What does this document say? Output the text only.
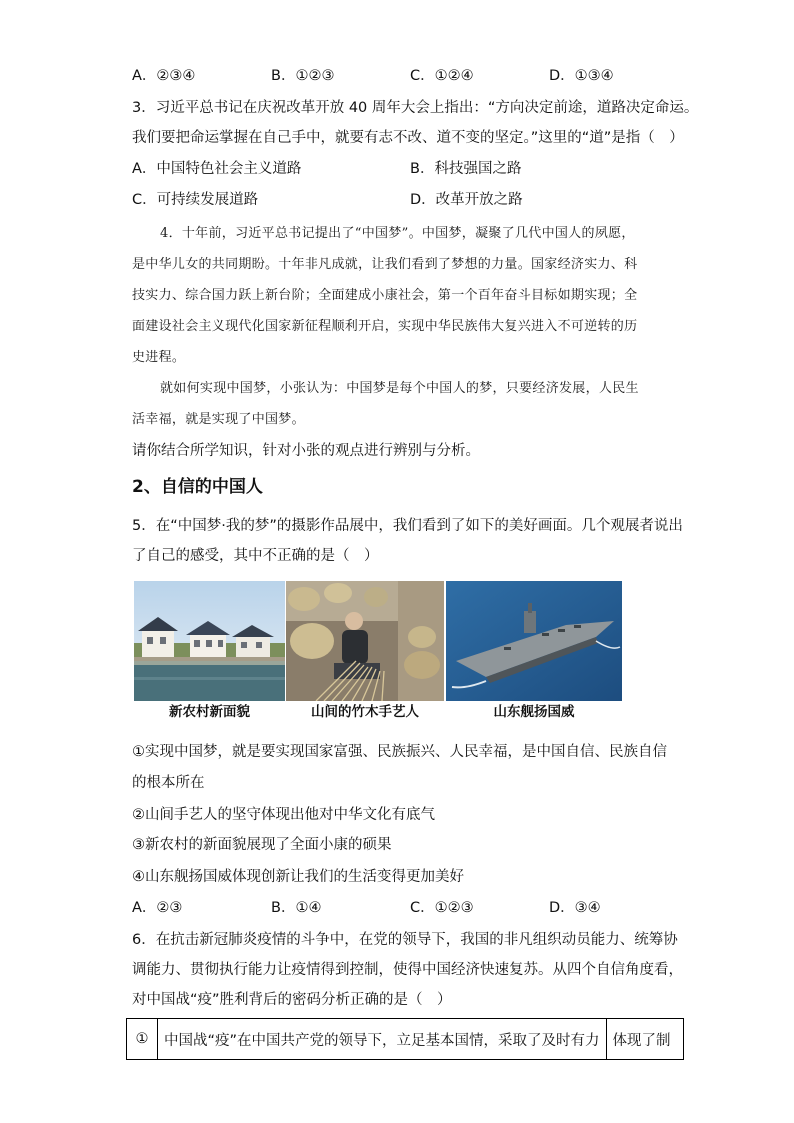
A．②③④	B．①②③	C．①②④	D．①③④
3．习近平总书记在庆祝改革开放 40 周年大会上指出：“方向决定前途，道路决定命运。
我们要把命运掌握在自己手中，就要有志不改、道不变的坚定。”这里的“道”是指（　）
A．中国特色社会主义道路	B．科技强国之路
C．可持续发展道路	D．改革开放之路
4．十年前，习近平总书记提出了“中国梦”。中国梦，凝聚了几代中国人的夙愿，
是中华儿女的共同期盼。十年非凡成就，让我们看到了梦想的力量。国家经济实力、科
技实力、综合国力跃上新台阶；全面建成小康社会，第一个百年奋斗目标如期实现；全
面建设社会主义现代化国家新征程顺利开启，实现中华民族伟大复兴进入不可逆转的历
史进程。
就如何实现中国梦，小张认为：中国梦是每个中国人的梦，只要经济发展，人民生
活幸福，就是实现了中国梦。
请你结合所学知识，针对小张的观点进行辨别与分析。
2、自信的中国人
5．在“中国梦·我的梦”的摄影作品展中，我们看到了如下的美好画面。几个观展者说出
了自己的感受，其中不正确的是（　）
新农村新面貌	山间的竹木手艺人	山东舰扬国威
①实现中国梦，就是要实现国家富强、民族振兴、人民幸福，是中国自信、民族自信
的根本所在
②山间手艺人的坚守体现出他对中华文化有底气
③新农村的新面貌展现了全面小康的硕果
④山东舰扬国威体现创新让我们的生活变得更加美好
A．②③	B．①④	C．①②③	D．③④
6．在抗击新冠肺炎疫情的斗争中，在党的领导下，我国的非凡组织动员能力、统筹协
调能力、贯彻执行能力让疫情得到控制，使得中国经济快速复苏。从四个自信角度看，
对中国战“疫”胜利背后的密码分析正确的是（　）
①	中国战“疫”在中国共产党的领导下，立足基本国情，采取了及时有力	体现了制
